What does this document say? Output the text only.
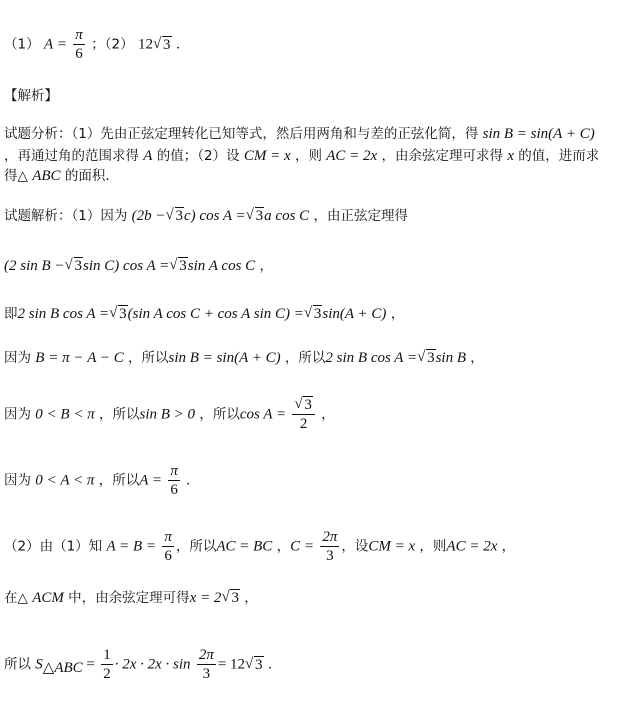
（1） $A = \frac{\pi}{6}$ ；（2） 12√ 3 ．
【解析】
试题分析：（1）先由正弦定理转化已知等式，然后用两角和与差的正弦化简，得 sin B = sin(A + C)
，再通过角的范围求得 A 的值；（2）设 CM = x ，则 AC = 2x ，由余弦定理可求得 x 的值，进而求
得△ ABC 的面积．
试题解析：（1）因为 (2b −√ 3c) cos A =√ 3a cos C ，由正弦定理得
(2 sin B −√ 3sin C) cos A =√ 3sin A cos C ，
即2 sin B cos A =√ 3(sin A cos C + cos A sin C) =√ 3sin(A + C) ，
因为 B = π − A − C ，所以sin B = sin(A + C) ，所以2 sin B cos A =√ 3sin B ，
因为 0 < B < π ，所以sin B > 0 ，所以cos A =
√ $\frac{3}{2}$ ，
因为 0 < A < π ，所以$A = \frac{\pi}{6}$ ．
（2）由（1）知 $A = B = \frac{\pi}{6}$ ，所以AC = BC ，$C = \frac{2\pi}{3}$ ，设CM = x ，则AC = 2x ，
在△ ACM 中，由余弦定理可得x = 2√ 3 ，
所以 $S_{\triangle ABC} = \frac{1}{2} \cdot 2x \cdot 2x \cdot \sin \frac{2\pi}{3} = 12√$ 3 ．
